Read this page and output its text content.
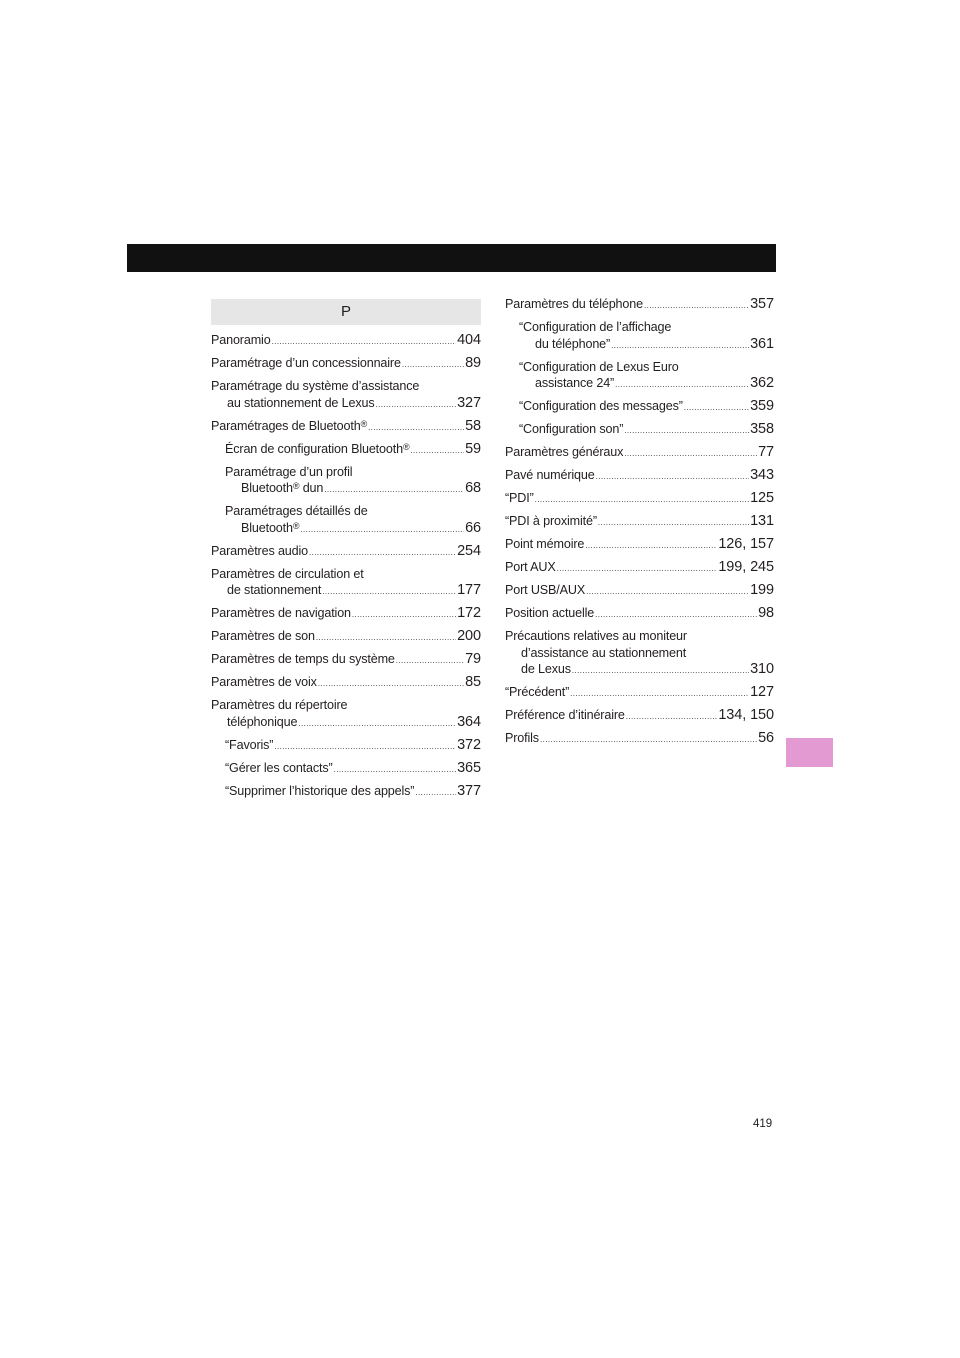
P
Panoramio .....	404
Paramétrage d’un concessionnaire .....	89
Paramétrage du système d’assistance
au stationnement de Lexus .....	327
Paramétrages de Bluetooth® .....	58
Écran de configuration Bluetooth® .....	59
Paramétrage d’un profil
Bluetooth® dun .....	68
Paramétrages détaillés de
Bluetooth® .....	66
Paramètres audio .....	254
Paramètres de circulation et
de stationnement .....	177
Paramètres de navigation .....	172
Paramètres de son .....	200
Paramètres de temps du système .....	79
Paramètres de voix .....	85
Paramètres du répertoire
téléphonique .....	364
“Favoris” .....	372
“Gérer les contacts” .....	365
“Supprimer l’historique des appels” .....	377
Paramètres du téléphone .....	357
“Configuration de l’affichage
du téléphone” .....	361
“Configuration de Lexus Euro
assistance 24” .....	362
“Configuration des messages” .....	359
“Configuration son” .....	358
Paramètres généraux .....	77
Pavé numérique .....	343
“PDI” .....	125
“PDI à proximité” .....	131
Point mémoire .....	126, 157
Port AUX .....	199, 245
Port USB/AUX .....	199
Position actuelle .....	98
Précautions relatives au moniteur
d’assistance au stationnement
de Lexus .....	310
“Précédent” .....	127
Préférence d’itinéraire .....	134, 150
Profils .....	56
419
